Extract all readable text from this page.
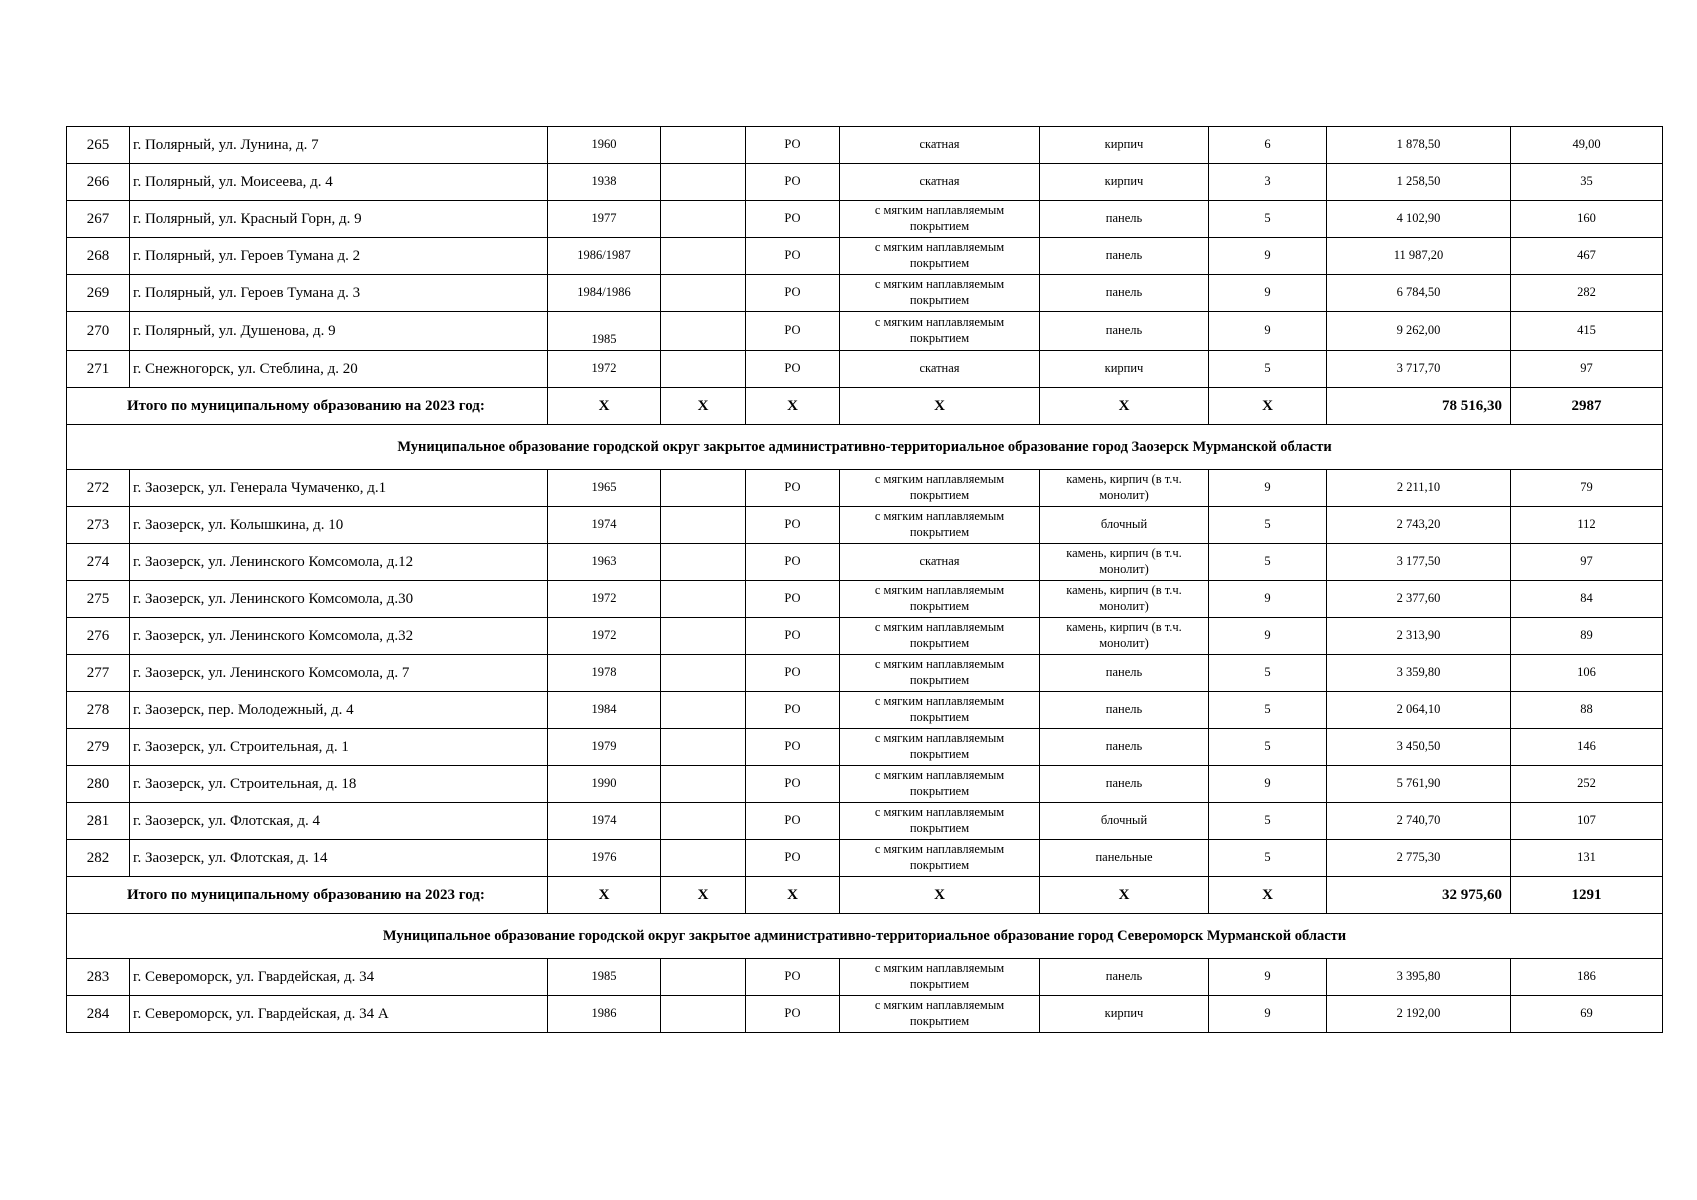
265	г. Полярный, ул. Лунина, д. 7	1960		РО	скатная	кирпич	6	1 878,50	49,00
266	г. Полярный, ул. Моисеева, д. 4	1938		РО	скатная	кирпич	3	1 258,50	35
267	г. Полярный, ул. Красный Горн, д. 9	1977		РО	с мягким наплавляемым покрытием	панель	5	4 102,90	160
268	г. Полярный, ул. Героев Тумана д. 2	1986/1987		РО	с мягким наплавляемым покрытием	панель	9	11 987,20	467
269	г. Полярный, ул. Героев Тумана д. 3	1984/1986		РО	с мягким наплавляемым покрытием	панель	9	6 784,50	282
270	г. Полярный, ул. Душенова, д. 9	1985		РО	с мягким наплавляемым покрытием	панель	9	9 262,00	415
271	г. Снежногорск, ул. Стеблина, д. 20	1972		РО	скатная	кирпич	5	3 717,70	97
Итого по муниципальному образованию на 2023 год:		X	X	X	X	X	X	78 516,30	2987
Муниципальное образование городской округ закрытое административно-территориальное образование город Заозерск Мурманской области									
272	г. Заозерск, ул. Генерала Чумаченко, д.1	1965		РО	с мягким наплавляемым покрытием	камень, кирпич (в т.ч. монолит)	9	2 211,10	79
273	г. Заозерск, ул. Колышкина, д. 10	1974		РО	с мягким наплавляемым покрытием	блочный	5	2 743,20	112
274	г. Заозерск, ул. Ленинского Комсомола, д.12	1963		РО	скатная	камень, кирпич (в т.ч. монолит)	5	3 177,50	97
275	г. Заозерск, ул. Ленинского Комсомола, д.30	1972		РО	с мягким наплавляемым покрытием	камень, кирпич (в т.ч. монолит)	9	2 377,60	84
276	г. Заозерск, ул. Ленинского Комсомола, д.32	1972		РО	с мягким наплавляемым покрытием	камень, кирпич (в т.ч. монолит)	9	2 313,90	89
277	г. Заозерск, ул. Ленинского Комсомола, д. 7	1978		РО	с мягким наплавляемым покрытием	панель	5	3 359,80	106
278	г. Заозерск, пер. Молодежный, д. 4	1984		РО	с мягким наплавляемым покрытием	панель	5	2 064,10	88
279	г. Заозерск, ул. Строительная, д. 1	1979		РО	с мягким наплавляемым покрытием	панель	5	3 450,50	146
280	г. Заозерск, ул. Строительная, д. 18	1990		РО	с мягким наплавляемым покрытием	панель	9	5 761,90	252
281	г. Заозерск, ул. Флотская, д. 4	1974		РО	с мягким наплавляемым покрытием	блочный	5	2 740,70	107
282	г. Заозерск, ул. Флотская, д. 14	1976		РО	с мягким наплавляемым покрытием	панельные	5	2 775,30	131
Итого по муниципальному образованию на 2023 год:		X	X	X	X	X	X	32 975,60	1291
Муниципальное образование городской округ закрытое административно-территориальное образование город Североморск Мурманской области									
283	г. Североморск, ул. Гвардейская, д. 34	1985		РО	с мягким наплавляемым покрытием	панель	9	3 395,80	186
284	г. Североморск, ул. Гвардейская, д. 34 А	1986		РО	с мягким наплавляемым покрытием	кирпич	9	2 192,00	69
